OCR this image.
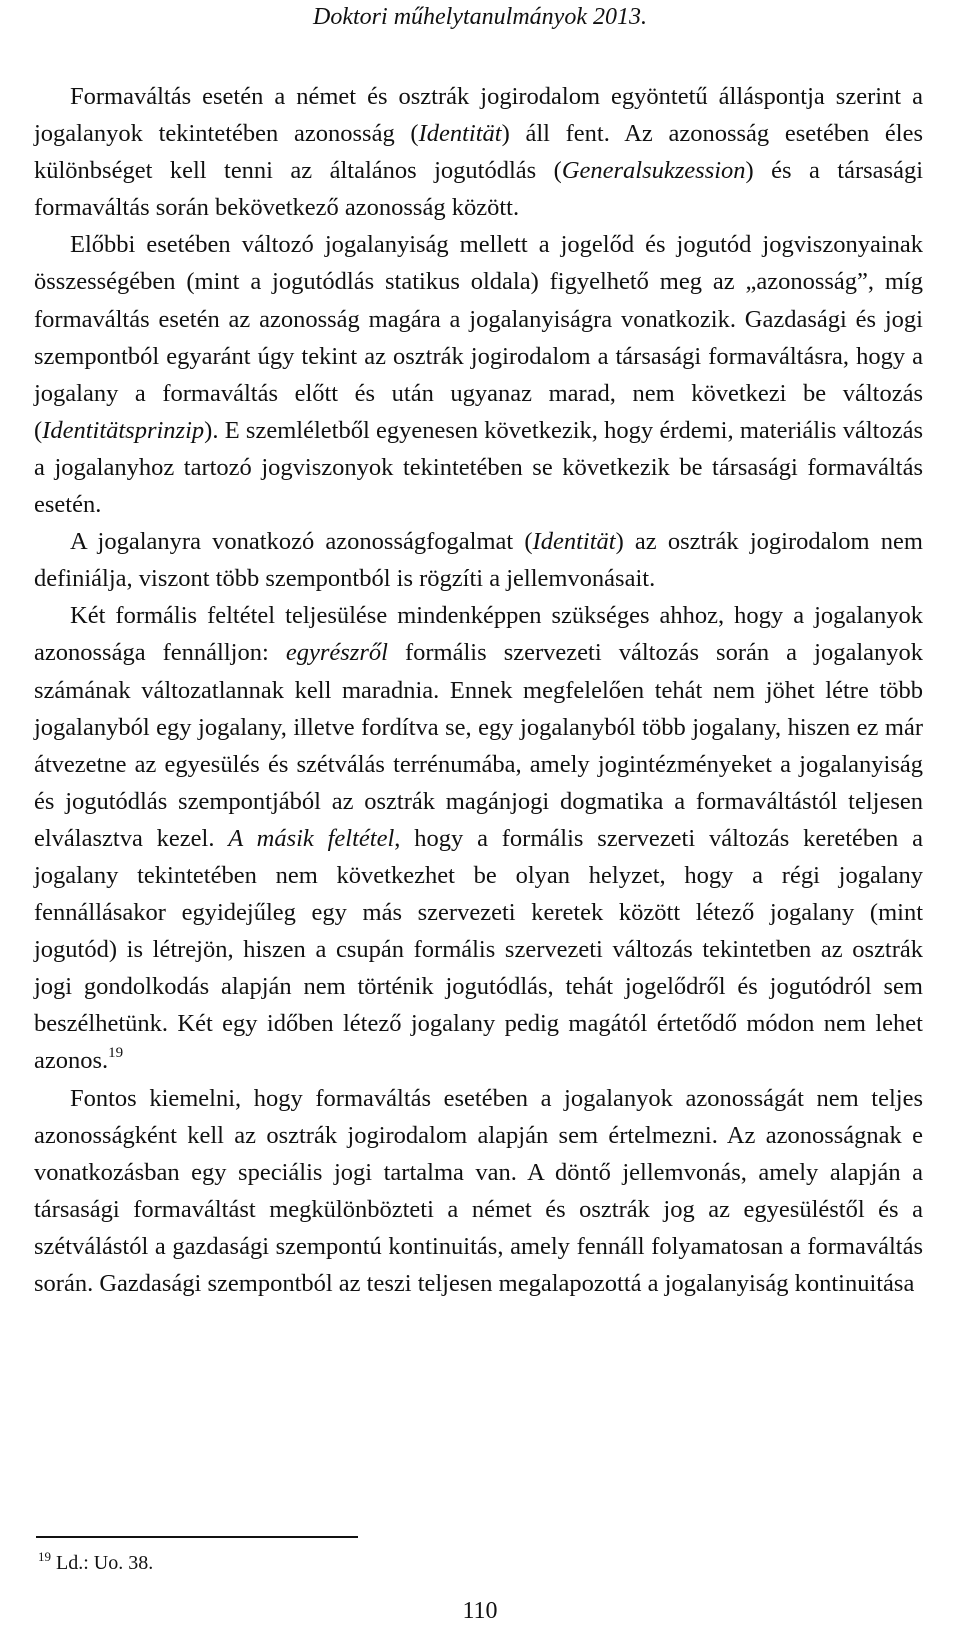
Doktori műhelytanulmányok 2013.

Formaváltás esetén a német és osztrák jogirodalom egyöntetű álláspontja szerint a jogalanyok tekintetében azonosság (Identität) áll fent. Az azonosság esetében éles különbséget kell tenni az általános jogutódlás (Generalsukzession) és a társasági formaváltás során bekövetkező azonosság között.

Előbbi esetében változó jogalanyiság mellett a jogelőd és jogutód jogviszonyainak összességében (mint a jogutódlás statikus oldala) figyelhető meg az „azonosság”, míg formaváltás esetén az azonosság magára a jogalanyiságra vonatkozik. Gazdasági és jogi szempontból egyaránt úgy tekint az osztrák jogirodalom a társasági formaváltásra, hogy a jogalany a formaváltás előtt és után ugyanaz marad, nem következi be változás (Identitätsprinzip). E szemléletből egyenesen következik, hogy érdemi, materiális változás a jogalanyhoz tartozó jogviszonyok tekintetében se következik be társasági formaváltás esetén.

A jogalanyra vonatkozó azonosságfogalmat (Identität) az osztrák jogirodalom nem definiálja, viszont több szempontból is rögzíti a jellemvonásait.

Két formális feltétel teljesülése mindenképpen szükséges ahhoz, hogy a jogalanyok azonossága fennálljon: egyrészről formális szervezeti változás során a jogalanyok számának változatlannak kell maradnia. Ennek megfelelően tehát nem jöhet létre több jogalanyból egy jogalany, illetve fordítva se, egy jogalanyból több jogalany, hiszen ez már átvezetne az egyesülés és szétválás terrénumába, amely jogintézményeket a jogalanyiság és jogutódlás szempontjából az osztrák magánjogi dogmatika a formaváltástól teljesen elválasztva kezel. A másik feltétel, hogy a formális szervezeti változás keretében a jogalany tekintetében nem következhet be olyan helyzet, hogy a régi jogalany fennállásakor egyidejűleg egy más szervezeti keretek között létező jogalany (mint jogutód) is létrejön, hiszen a csupán formális szervezeti változás tekintetben az osztrák jogi gondolkodás alapján nem történik jogutódlás, tehát jogelődről és jogutódról sem beszélhetünk. Két egy időben létező jogalany pedig magától értetődő módon nem lehet azonos.$^{19}$

Fontos kiemelni, hogy formaváltás esetében a jogalanyok azonosságát nem teljes azonosságként kell az osztrák jogirodalom alapján sem értelmezni. Az azonosságnak e vonatkozásban egy speciális jogi tartalma van. A döntő jellemvonás, amely alapján a társasági formaváltást megkülönbözteti a német és osztrák jog az egyesüléstől és a szétválástól a gazdasági szempontú kontinuitás, amely fennáll folyamatosan a formaváltás során. Gazdasági szempontból az teszi teljesen megalapozottá a jogalanyiság kontinuitása

$^{19}$ Ld.: Uo. 38.
110
